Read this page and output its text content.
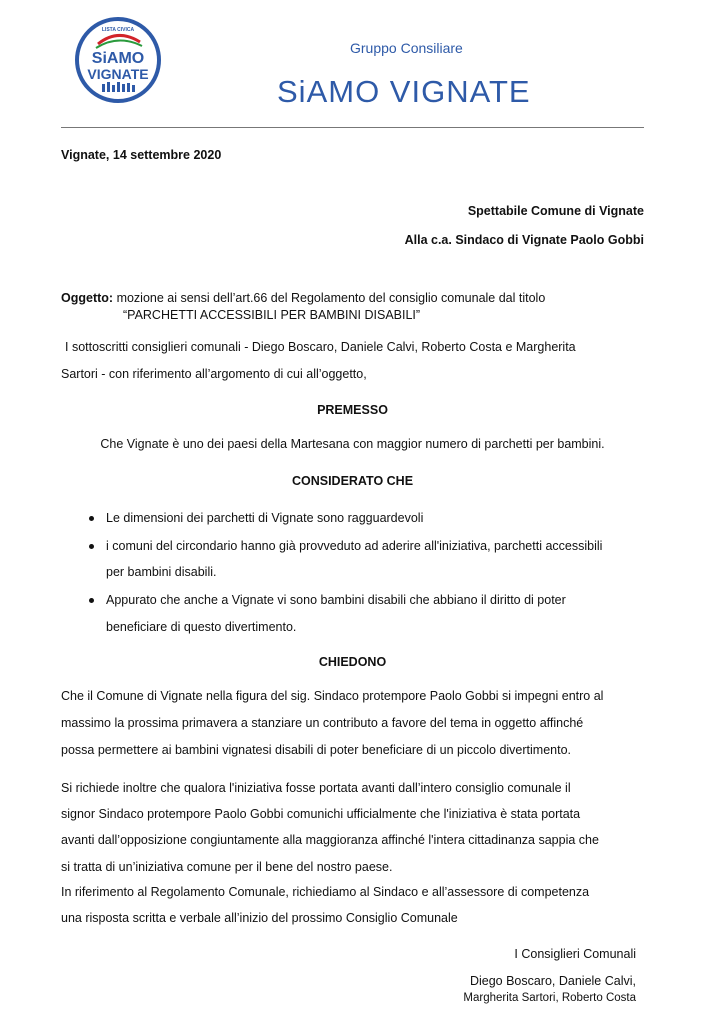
LISTA CIVICA
SiAMO
VIGNATE
Gruppo Consiliare
SiAMO VIGNATE
Vignate, 14 settembre 2020
Spettabile Comune di Vignate
Alla c.a. Sindaco di Vignate Paolo Gobbi
Oggetto: mozione ai sensi dell’art.66 del Regolamento del consiglio comunale dal titolo
“PARCHETTI ACCESSIBILI PER BAMBINI DISABILI”
I sottoscritti consiglieri comunali - Diego Boscaro, Daniele Calvi, Roberto Costa e Margherita
Sartori - con riferimento all’argomento di cui all’oggetto,
PREMESSO
Che Vignate è uno dei paesi della Martesana con maggior numero di parchetti per bambini.
CONSIDERATO CHE
Le dimensioni dei parchetti di Vignate sono ragguardevoli
i comuni del circondario hanno già provveduto ad aderire all'iniziativa, parchetti accessibili
per bambini disabili.
Appurato che anche a Vignate vi sono bambini disabili che abbiano il diritto di poter
beneficiare di questo divertimento.
CHIEDONO
Che il Comune di Vignate nella figura del sig. Sindaco protempore Paolo Gobbi si impegni entro al
massimo la prossima primavera a stanziare un contributo a favore del tema in oggetto affinché
possa permettere ai bambini vignatesi disabili di poter beneficiare di un piccolo divertimento.
Si richiede inoltre che qualora l'iniziativa fosse portata avanti dall’intero consiglio comunale il
signor Sindaco protempore Paolo Gobbi comunichi ufficialmente che l'iniziativa è stata portata
avanti dall’opposizione congiuntamente alla maggioranza affinché l'intera cittadinanza sappia che
si tratta di un’iniziativa comune per il bene del nostro paese.
In riferimento al Regolamento Comunale, richiediamo al Sindaco e all’assessore di competenza
una risposta scritta e verbale all’inizio del prossimo Consiglio Comunale
I Consiglieri Comunali
Diego Boscaro, Daniele Calvi,
Margherita Sartori, Roberto Costa
